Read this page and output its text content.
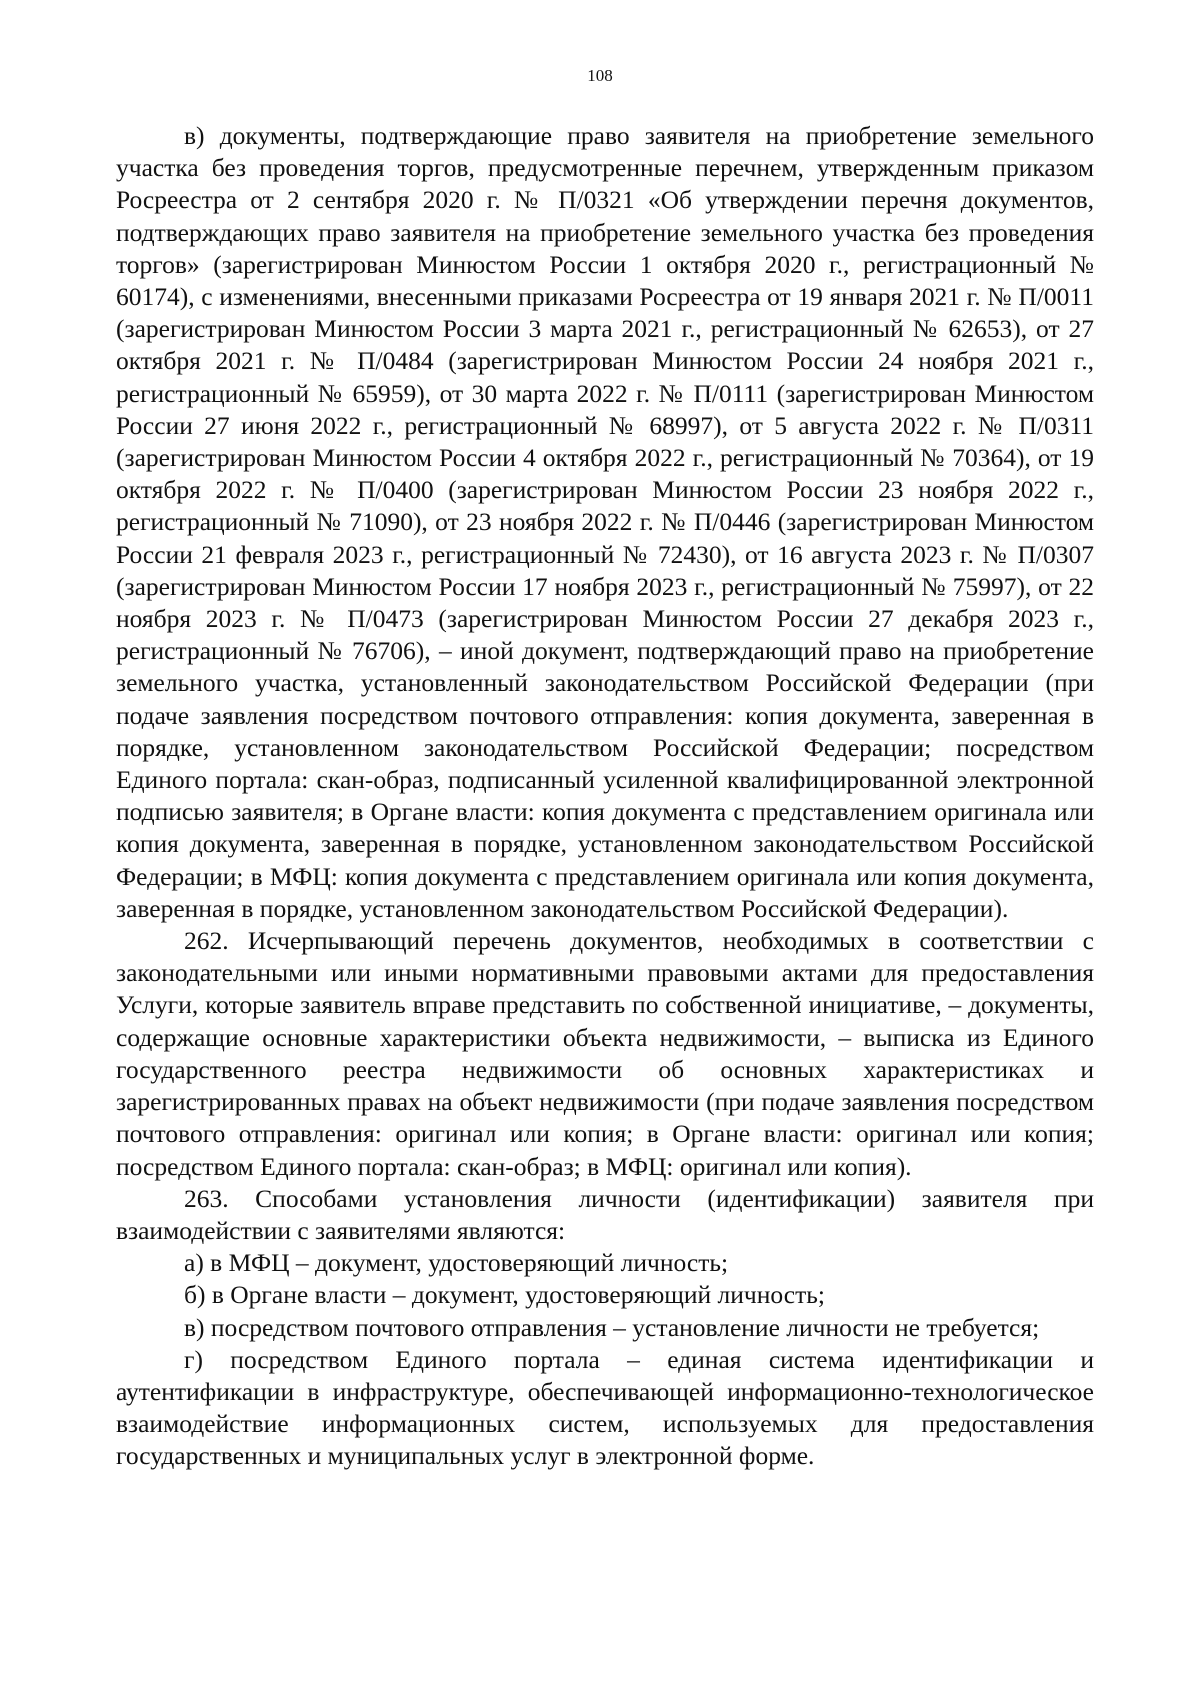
108

в) документы, подтверждающие право заявителя на приобретение земельного участка без проведения торгов, предусмотренные перечнем, утвержденным приказом Росреестра от 2 сентября 2020 г. № П/0321 «Об утверждении перечня документов, подтверждающих право заявителя на приобретение земельного участка без проведения торгов» (зарегистрирован Минюстом России 1 октября 2020 г., регистрационный № 60174), с изменениями, внесенными приказами Росреестра от 19 января 2021 г. № П/0011 (зарегистрирован Минюстом России 3 марта 2021 г., регистрационный № 62653), от 27 октября 2021 г. № П/0484 (зарегистрирован Минюстом России 24 ноября 2021 г., регистрационный № 65959), от 30 марта 2022 г. № П/0111 (зарегистрирован Минюстом России 27 июня 2022 г., регистрационный № 68997), от 5 августа 2022 г. № П/0311 (зарегистрирован Минюстом России 4 октября 2022 г., регистрационный № 70364), от 19 октября 2022 г. № П/0400 (зарегистрирован Минюстом России 23 ноября 2022 г., регистрационный № 71090), от 23 ноября 2022 г. № П/0446 (зарегистрирован Минюстом России 21 февраля 2023 г., регистрационный № 72430), от 16 августа 2023 г. № П/0307 (зарегистрирован Минюстом России 17 ноября 2023 г., регистрационный № 75997), от 22 ноября 2023 г. № П/0473 (зарегистрирован Минюстом России 27 декабря 2023 г., регистрационный № 76706), – иной документ, подтверждающий право на приобретение земельного участка, установленный законодательством Российской Федерации (при подаче заявления посредством почтового отправления: копия документа, заверенная в порядке, установленном законодательством Российской Федерации; посредством Единого портала: скан-образ, подписанный усиленной квалифицированной электронной подписью заявителя; в Органе власти: копия документа с представлением оригинала или копия документа, заверенная в порядке, установленном законодательством Российской Федерации; в МФЦ: копия документа с представлением оригинала или копия документа, заверенная в порядке, установленном законодательством Российской Федерации).

262. Исчерпывающий перечень документов, необходимых в соответствии с законодательными или иными нормативными правовыми актами для предоставления Услуги, которые заявитель вправе представить по собственной инициативе, – документы, содержащие основные характеристики объекта недвижимости, – выписка из Единого государственного реестра недвижимости об основных характеристиках и зарегистрированных правах на объект недвижимости (при подаче заявления посредством почтового отправления: оригинал или копия; в Органе власти: оригинал или копия; посредством Единого портала: скан-образ; в МФЦ: оригинал или копия).

263. Способами установления личности (идентификации) заявителя при взаимодействии с заявителями являются:

а) в МФЦ – документ, удостоверяющий личность;

б) в Органе власти – документ, удостоверяющий личность;

в) посредством почтового отправления – установление личности не требуется;

г) посредством Единого портала – единая система идентификации и аутентификации в инфраструктуре, обеспечивающей информационно-технологическое взаимодействие информационных систем, используемых для предоставления государственных и муниципальных услуг в электронной форме.
